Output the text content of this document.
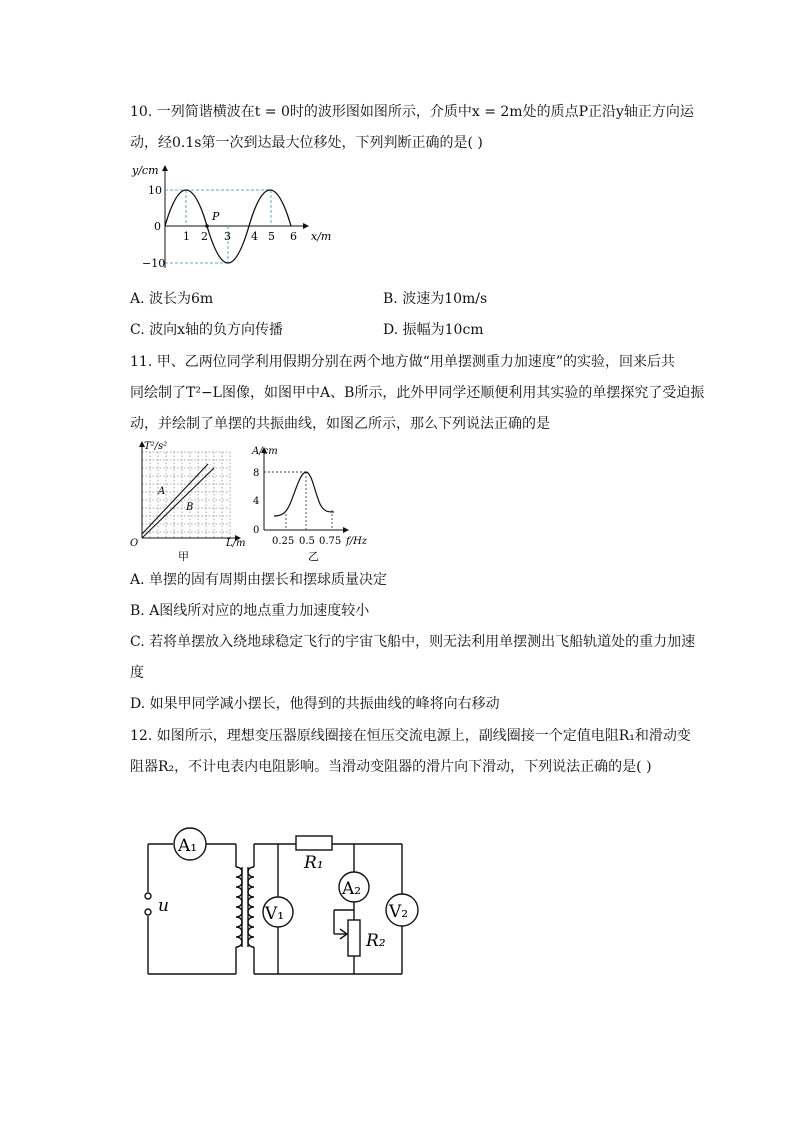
10. 一列简谐横波在t = 0时的波形图如图所示，介质中x = 2m处的质点P正沿y轴正方向运
动，经0.1s第一次到达最大位移处，下列判断正确的是( )
y/cm
10
0
−10
1 2 3 4 5 6 x/m
P
A. 波长为6m	B. 波速为10m/s
C. 波向x轴的负方向传播	D. 振幅为10cm
11. 甲、乙两位同学利用假期分别在两个地方做“用单摆测重力加速度”的实验，回来后共
同绘制了T²−L图像，如图甲中A、B所示，此外甲同学还顺便利用其实验的单摆探究了受迫振
动，并绘制了单摆的共振曲线，如图乙所示，那么下列说法正确的是
T²/s²
O
A
B
L/m
甲
A/cm
8
4
0
0.25 0.5 0.75 f/Hz
乙
A. 单摆的固有周期由摆长和摆球质量决定
B. A图线所对应的地点重力加速度较小
C. 若将单摆放入绕地球稳定飞行的宇宙飞船中，则无法利用单摆测出飞船轨道处的重力加速
度
D. 如果甲同学减小摆长，他得到的共振曲线的峰将向右移动
12. 如图所示，理想变压器原线圈接在恒压交流电源上，副线圈接一个定值电阻R₁和滑动变
阻器R₂，不计电表内电阻影响。当滑动变阻器的滑片向下滑动，下列说法正确的是( )
A₁
u	V₁
R₁
A₂
R₂
V₂
